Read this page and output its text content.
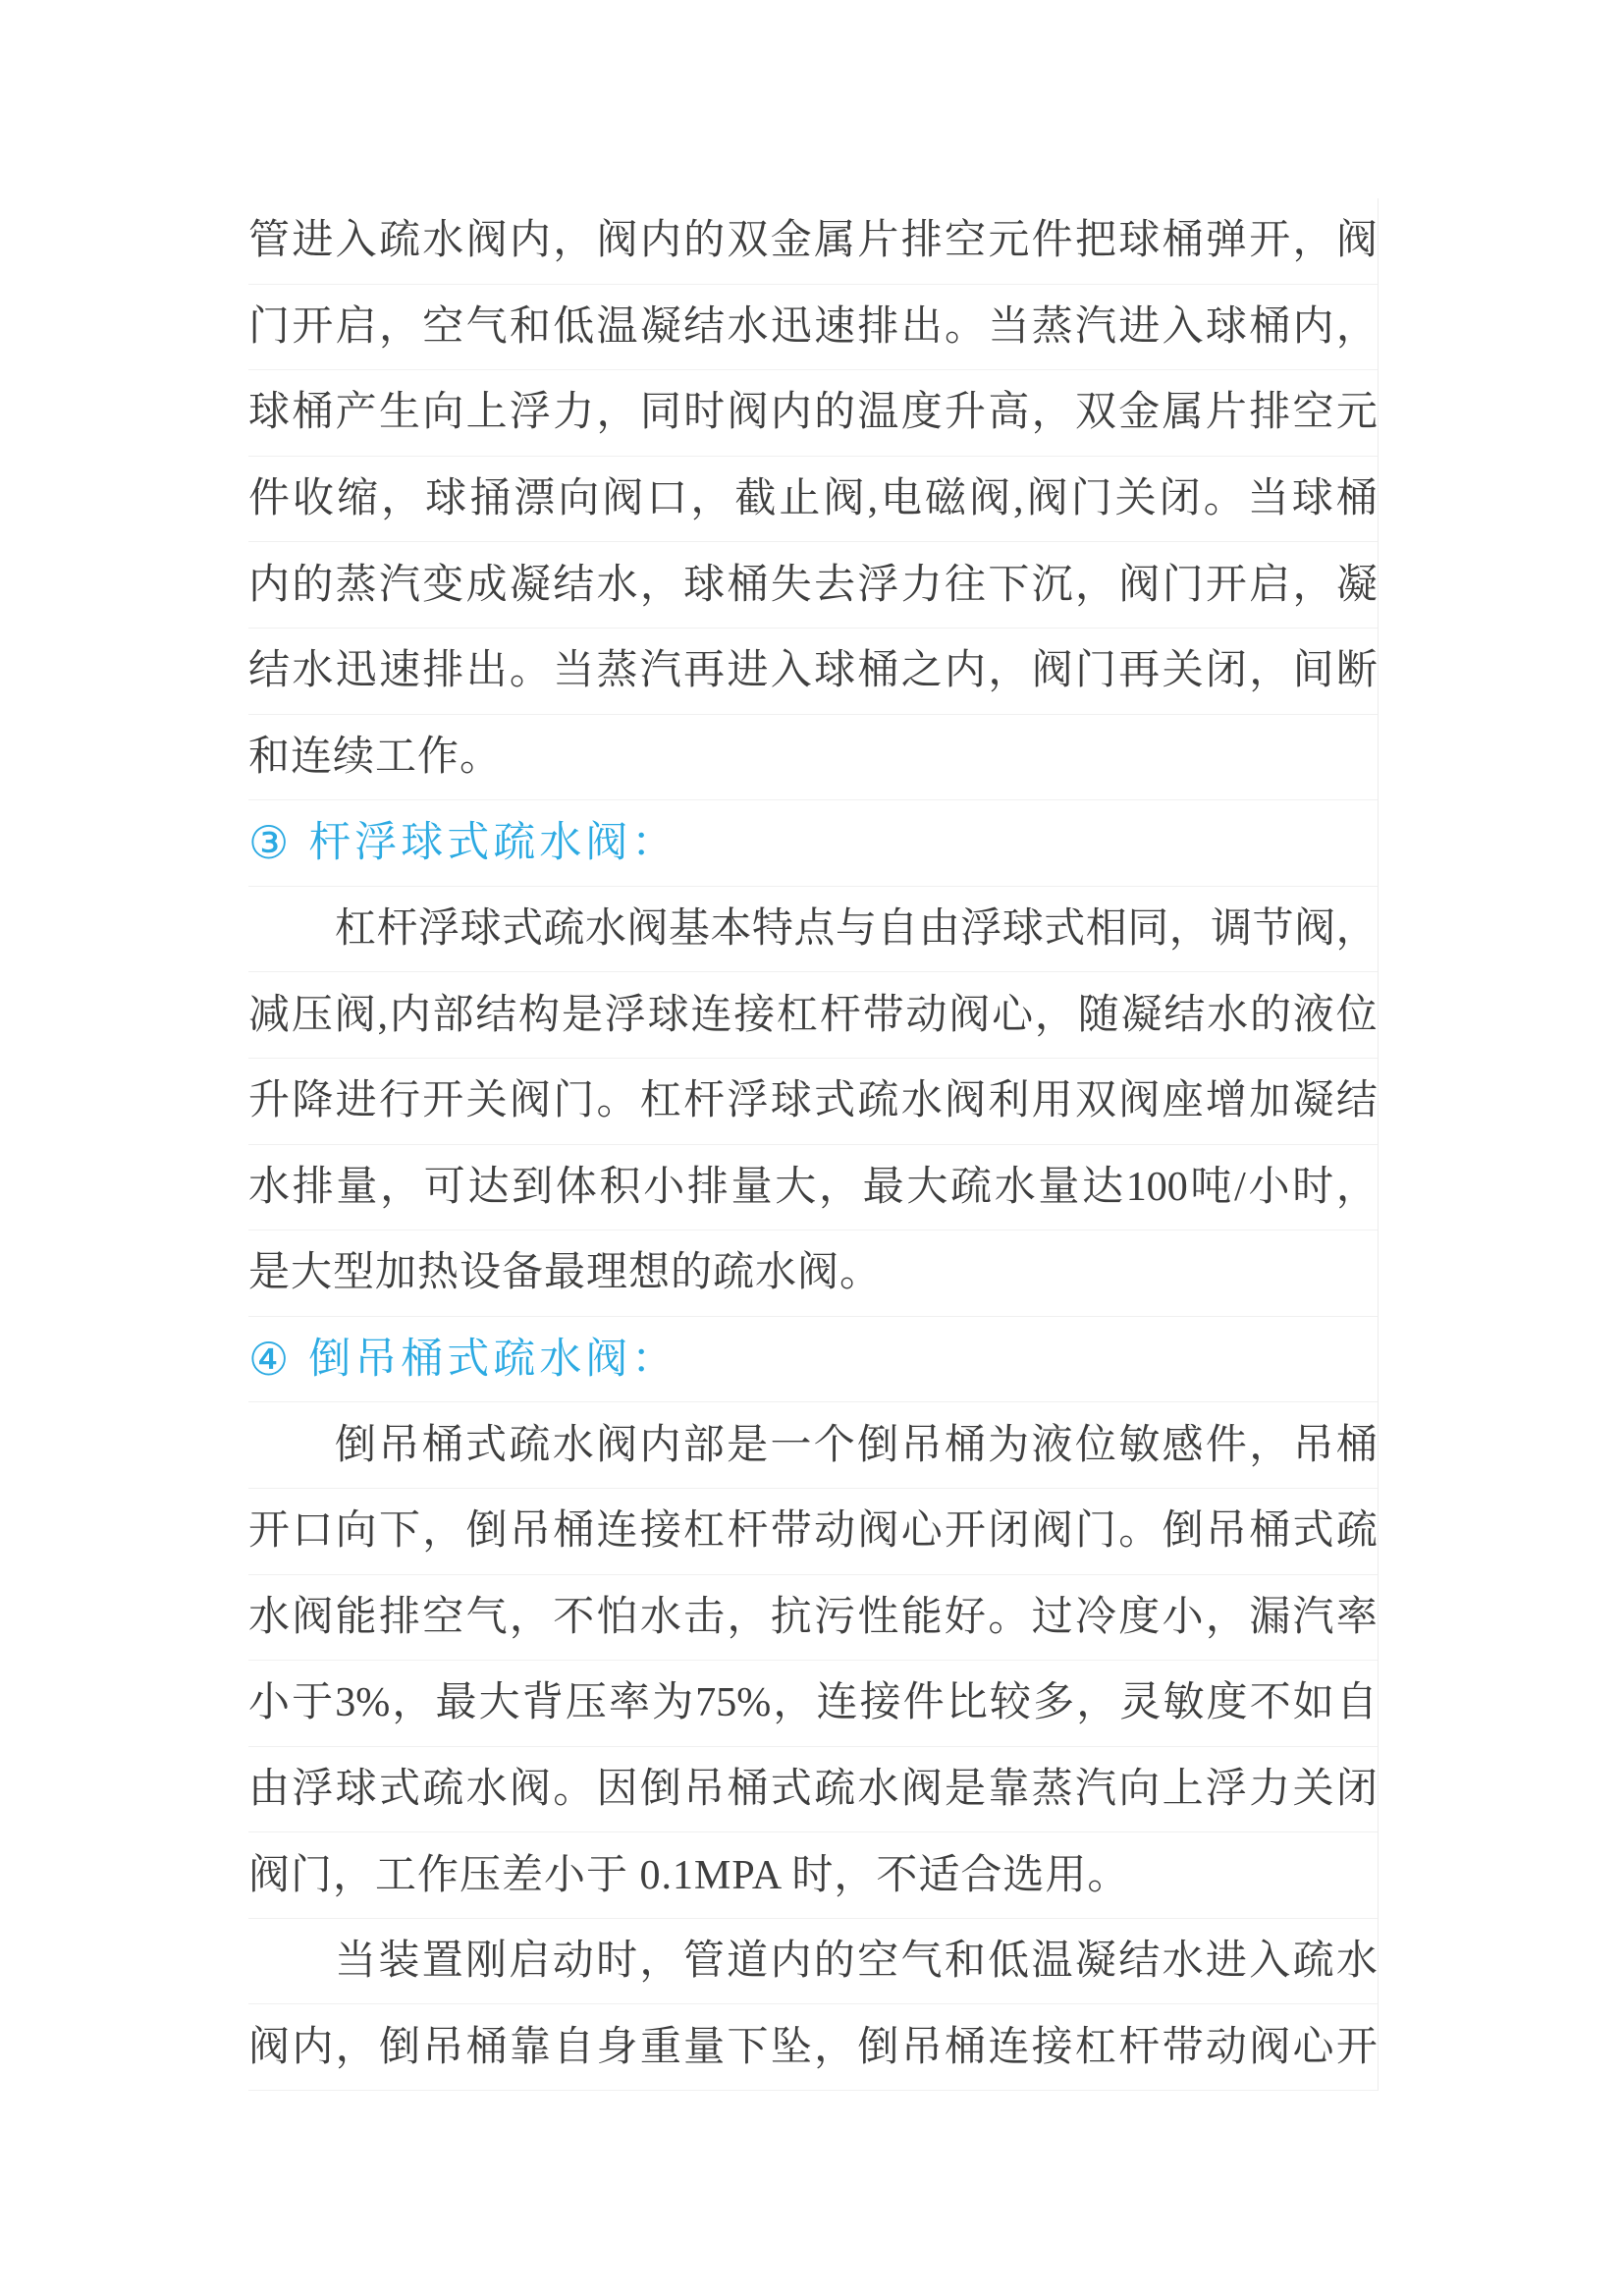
管 进 入 疏 水 阀 内 ， 阀 内 的 双 金 属 片 排 空 元 件 把 球 桶 弹 开 ， 阀
门 开 启 ， 空 气 和 低 温 凝 结 水 迅 速 排 出 。 当 蒸 汽 进 入 球 桶 内 ，
球 桶 产 生 向 上 浮 力 ， 同 时 阀 内 的 温 度 升 高 ， 双 金 属 片 排 空 元
件 收 缩 ， 球 捅 漂 向 阀 口 ， 截 止 阀 , 电 磁 阀 , 阀 门 关 闭 。 当 球 桶
内 的 蒸 汽 变 成 凝 结 水 ， 球 桶 失 去 浮 力 往 下 沉 ， 阀 门 开 启 ， 凝
结 水 迅 速 排 出 。 当 蒸 汽 再 进 入 球 桶 之 内 ， 阀 门 再 关 闭 ， 间 断
和连续工作。
③ 杆浮球式疏水阀：
杠 杆 浮 球 式 疏 水 阀 基 本 特 点 与 自 由 浮 球 式 相 同 ， 调 节 阀 ，
减 压 阀 , 内 部 结 构 是 浮 球 连 接 杠 杆 带 动 阀 心 ， 随 凝 结 水 的 液 位
升 降 进 行 开 关 阀 门 。 杠 杆 浮 球 式 疏 水 阀 利 用 双 阀 座 增 加 凝 结
水 排 量 ， 可 达 到 体 积 小 排 量 大 ， 最 大 疏 水 量 达 100 吨 / 小 时 ，
是大型加热设备最理想的疏水阀。
④ 倒吊桶式疏水阀：
倒 吊 桶 式 疏 水 阀 内 部 是 一 个 倒 吊 桶 为 液 位 敏 感 件 ， 吊 桶
开 口 向 下 ， 倒 吊 桶 连 接 杠 杆 带 动 阀 心 开 闭 阀 门 。 倒 吊 桶 式 疏
水 阀 能 排 空 气 ， 不 怕 水 击 ， 抗 污 性 能 好 。 过 冷 度 小 ， 漏 汽 率
小 于 3% ， 最 大 背 压 率 为 75% ， 连 接 件 比 较 多 ， 灵 敏 度 不 如 自
由 浮 球 式 疏 水 阀 。 因 倒 吊 桶 式 疏 水 阀 是 靠 蒸 汽 向 上 浮 力 关 闭
阀门，工作压差小于 0.1MPA 时，不适合选用。
当 装 置 刚 启 动 时 ， 管 道 内 的 空 气 和 低 温 凝 结 水 进 入 疏 水
阀 内 ， 倒 吊 桶 靠 自 身 重 量 下 坠 ， 倒 吊 桶 连 接 杠 杆 带 动 阀 心 开
